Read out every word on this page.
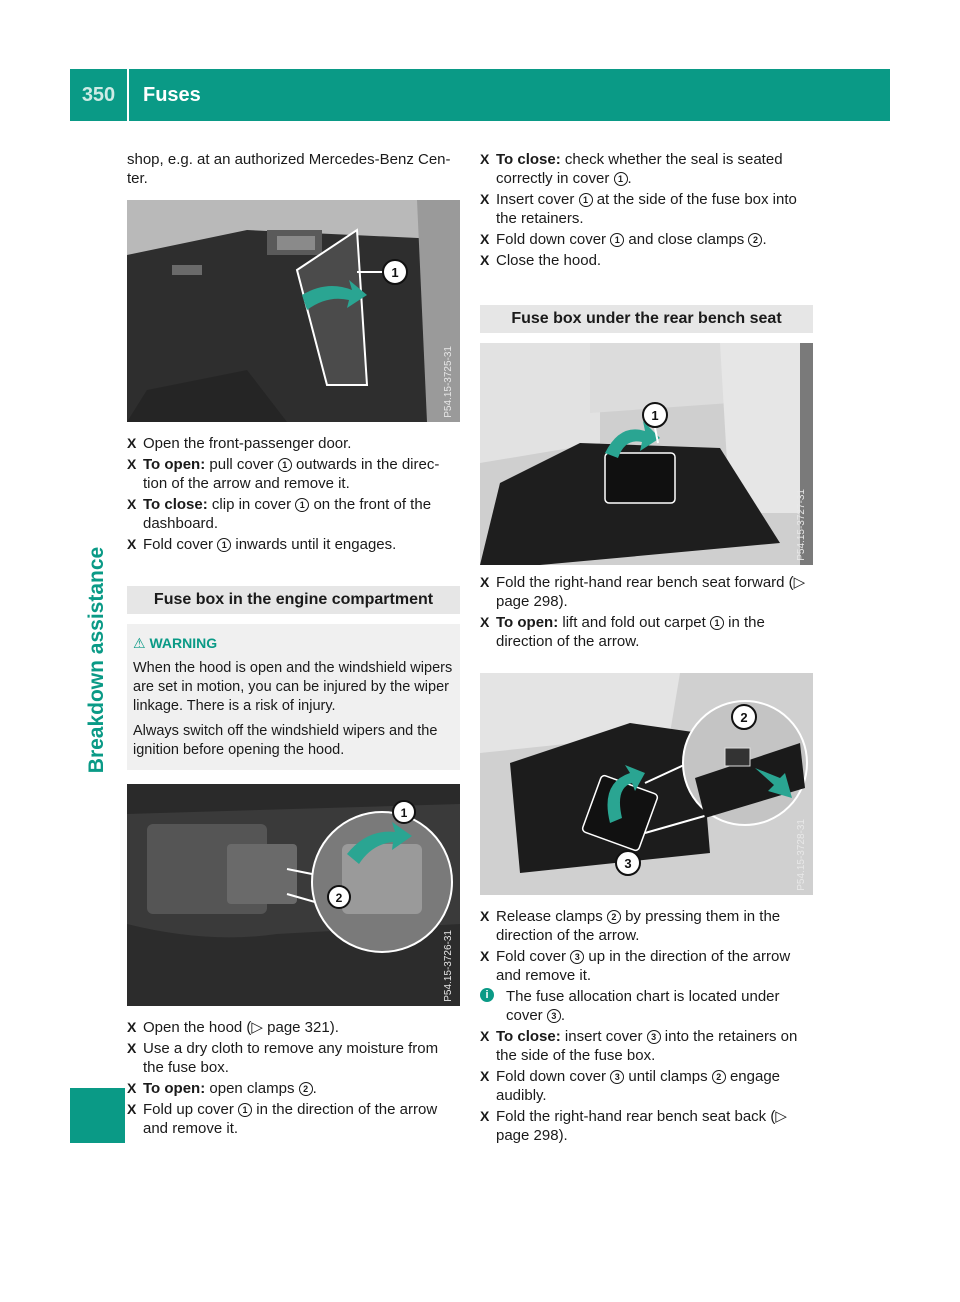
350	Fuses
Breakdown assistance

shop, e.g. at an authorized Mercedes-Benz Cen-ter.

1
P54.15-3725-31
X Open the front-passenger door.
X To open: pull cover 1 outwards in the direc-tion of the arrow and remove it.
X To close: clip in cover 1 on the front of the dashboard.
X Fold cover 1 inwards until it engages.
Fuse box in the engine compartment
⚠ WARNING

When the hood is open and the windshield wipers are set in motion, you can be injured by the wiper linkage. There is a risk of injury.

Always switch off the windshield wipers and the ignition before opening the hood.

1
2
P54.15-3726-31
X Open the hood (▷ page 321).
X Use a dry cloth to remove any moisture from the fuse box.
X To open: open clamps 2 .
X Fold up cover 1 in the direction of the arrow and remove it.
X To close: check whether the seal is seated correctly in cover 1 .
X Insert cover 1 at the side of the fuse box into the retainers.
X Fold down cover 1 and close clamps 2 .
X Close the hood.
Fuse box under the rear bench seat
1
P54.15-3727-31
X Fold the right-hand rear bench seat forward (▷ page 298).
X To open: lift and fold out carpet 1 in the direction of the arrow.
2
3	P54.15-3728-31
X Release clamps 2 by pressing them in the direction of the arrow.
X Fold cover 3 up in the direction of the arrow and remove it.
i	The fuse allocation chart is located under cover 3 .
X To close: insert cover 3 into the retainers on the side of the fuse box.
X Fold down cover 3 until clamps 2 engage audibly.
X Fold the right-hand rear bench seat back (▷ page 298).
